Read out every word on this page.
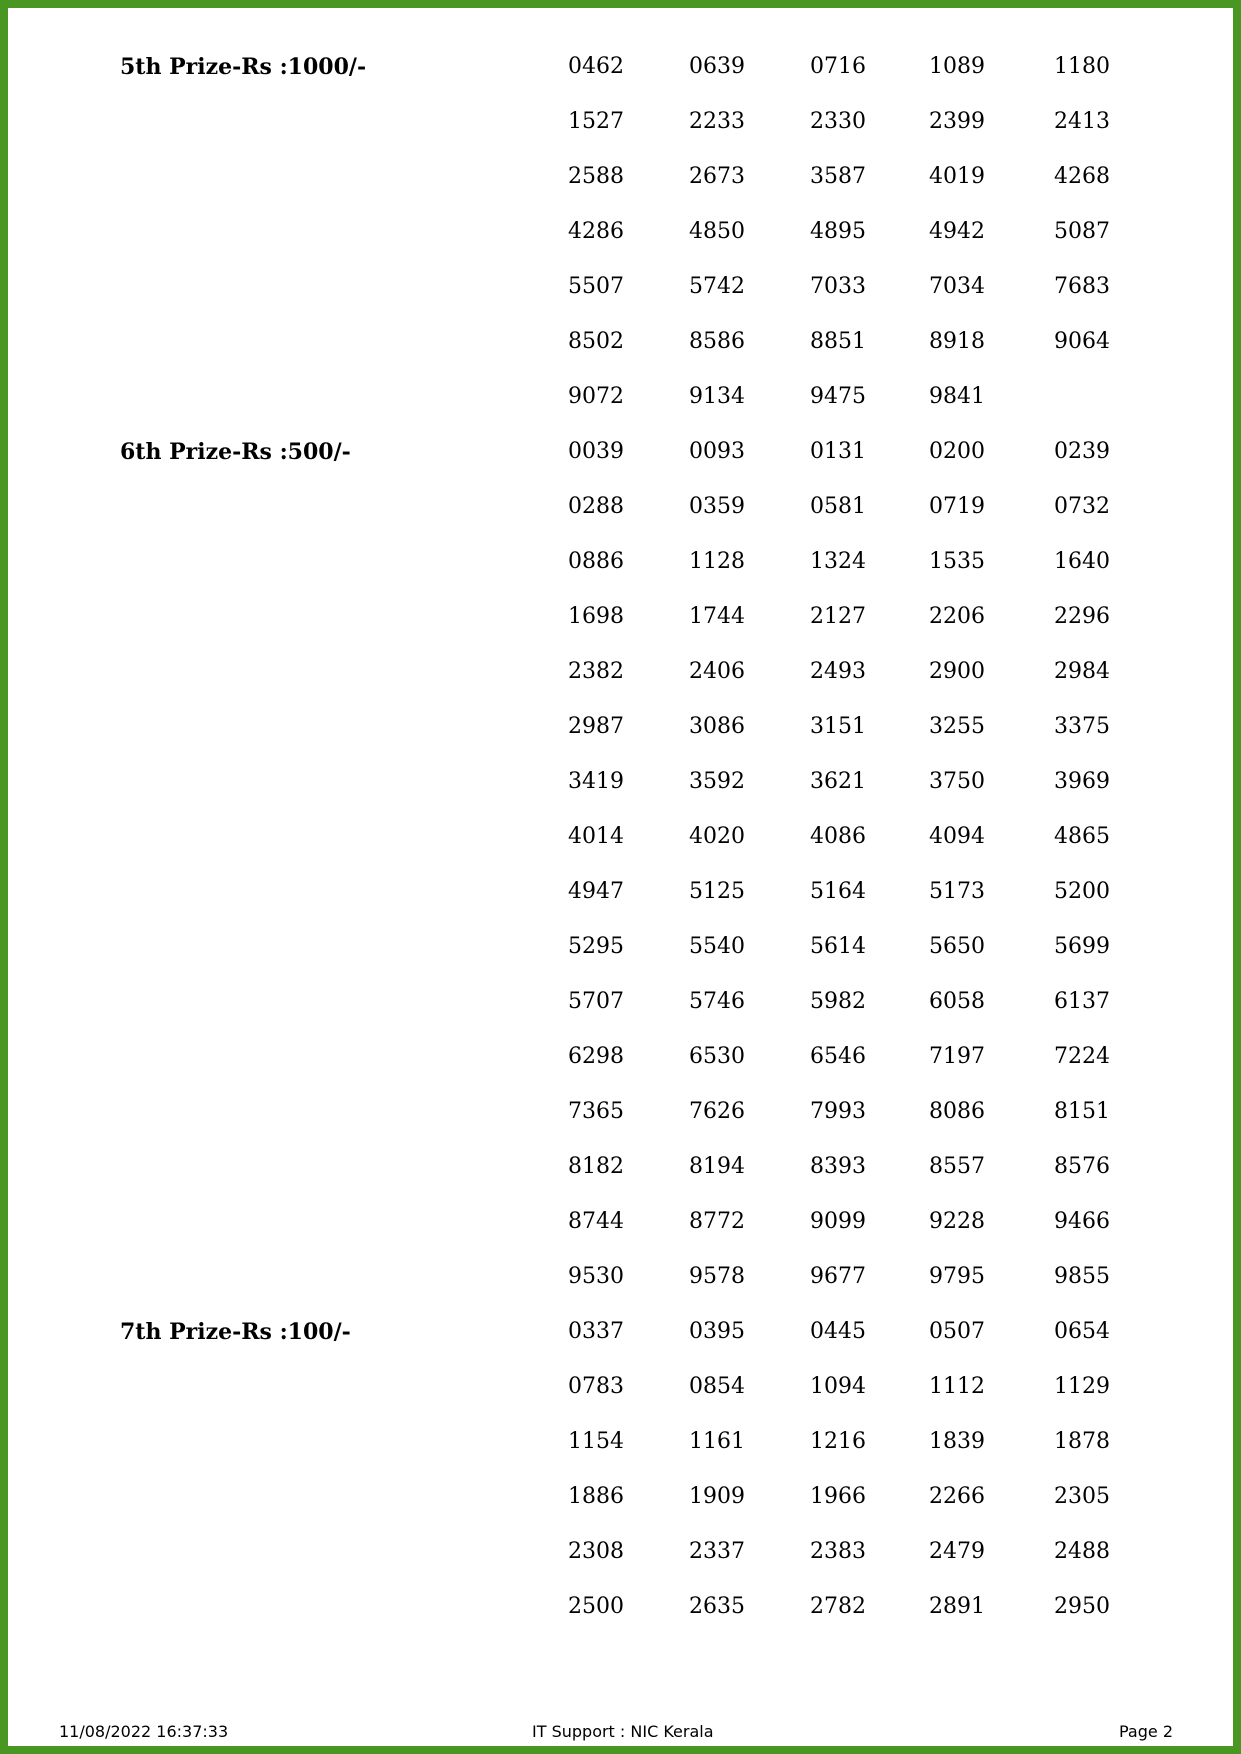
5th Prize-Rs :1000/-	0462	0639	0716	1089	1180
1527	2233	2330	2399	2413
2588	2673	3587	4019	4268
4286	4850	4895	4942	5087
5507	5742	7033	7034	7683
8502	8586	8851	8918	9064
9072	9134	9475	9841
6th Prize-Rs :500/-	0039	0093	0131	0200	0239
0288	0359	0581	0719	0732
0886	1128	1324	1535	1640
1698	1744	2127	2206	2296
2382	2406	2493	2900	2984
2987	3086	3151	3255	3375
3419	3592	3621	3750	3969
4014	4020	4086	4094	4865
4947	5125	5164	5173	5200
5295	5540	5614	5650	5699
5707	5746	5982	6058	6137
6298	6530	6546	7197	7224
7365	7626	7993	8086	8151
8182	8194	8393	8557	8576
8744	8772	9099	9228	9466
9530	9578	9677	9795	9855
7th Prize-Rs :100/-	0337	0395	0445	0507	0654
0783	0854	1094	1112	1129
1154	1161	1216	1839	1878
1886	1909	1966	2266	2305
2308	2337	2383	2479	2488
2500	2635	2782	2891	2950
11/08/2022 16:37:33	IT Support : NIC Kerala	Page 2
